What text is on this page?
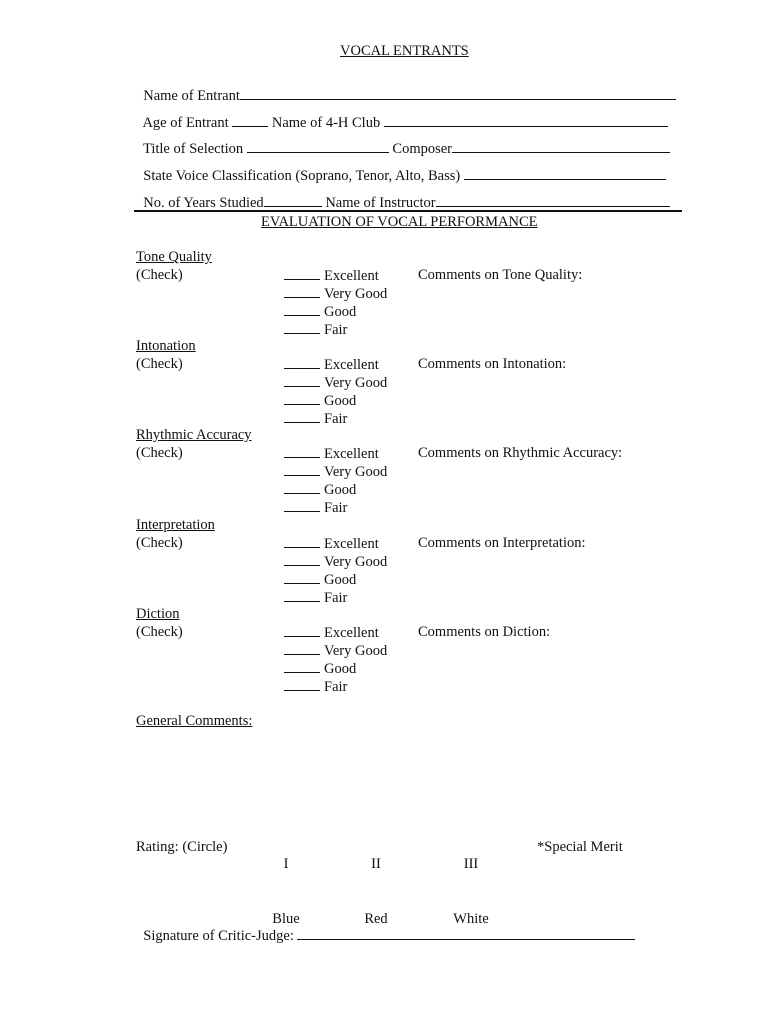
VOCAL ENTRANTS

Name of Entrant

Age of Entrant	Name of 4-H Club

Title of Selection	Composer

State Voice Classification (Soprano, Tenor, Alto, Bass)

No. of Years Studied	Name of Instructor

EVALUATION OF VOCAL PERFORMANCE
Tone Quality
(Check)	Excellent
Very Good
Good
Fair
Comments on Tone Quality:
Intonation
(Check)	Excellent
Very Good
Good
Fair
Comments on Intonation:
Rhythmic Accuracy
(Check)	Excellent
Very Good
Good
Fair
Comments on Rhythmic Accuracy:
Interpretation
(Check)	Excellent
Very Good
Good
Fair
Comments on Interpretation:
Diction
(Check)	Excellent
Very Good
Good
Fair
Comments on Diction:
General Comments:
Rating: (Circle)

I

Blue

II

Red

III

White

*Special Merit

Signature of Critic-Judge:
